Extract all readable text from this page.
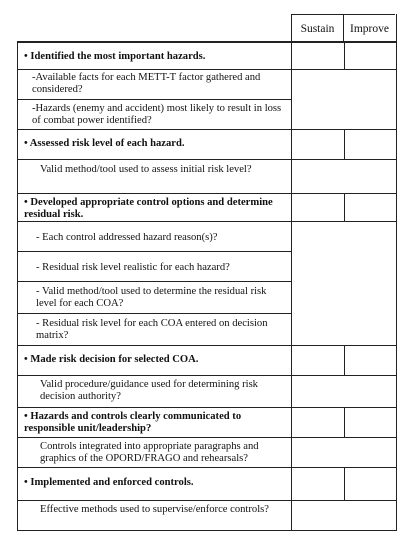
Sustain	Improve
• Identified the most important hazards.
-Available facts for each METT-T factor gathered and considered?
-Hazards (enemy and accident) most likely to result in loss of combat power identified?
• Assessed risk level of each hazard.
Valid method/tool used to assess initial risk level?
• Developed appropriate control options and determine residual risk.
- Each control addressed hazard reason(s)?
- Residual risk level realistic for each hazard?
- Valid method/tool used to determine the residual risk level for each COA?
- Residual risk level for each COA entered on decision matrix?
• Made risk decision for selected COA.
Valid procedure/guidance used for determining risk decision authority?
• Hazards and controls clearly communicated to responsible unit/leadership?
Controls integrated into appropriate paragraphs and graphics of the OPORD/FRAGO and rehearsals?
• Implemented and enforced controls.
Effective methods used to supervise/enforce controls?
